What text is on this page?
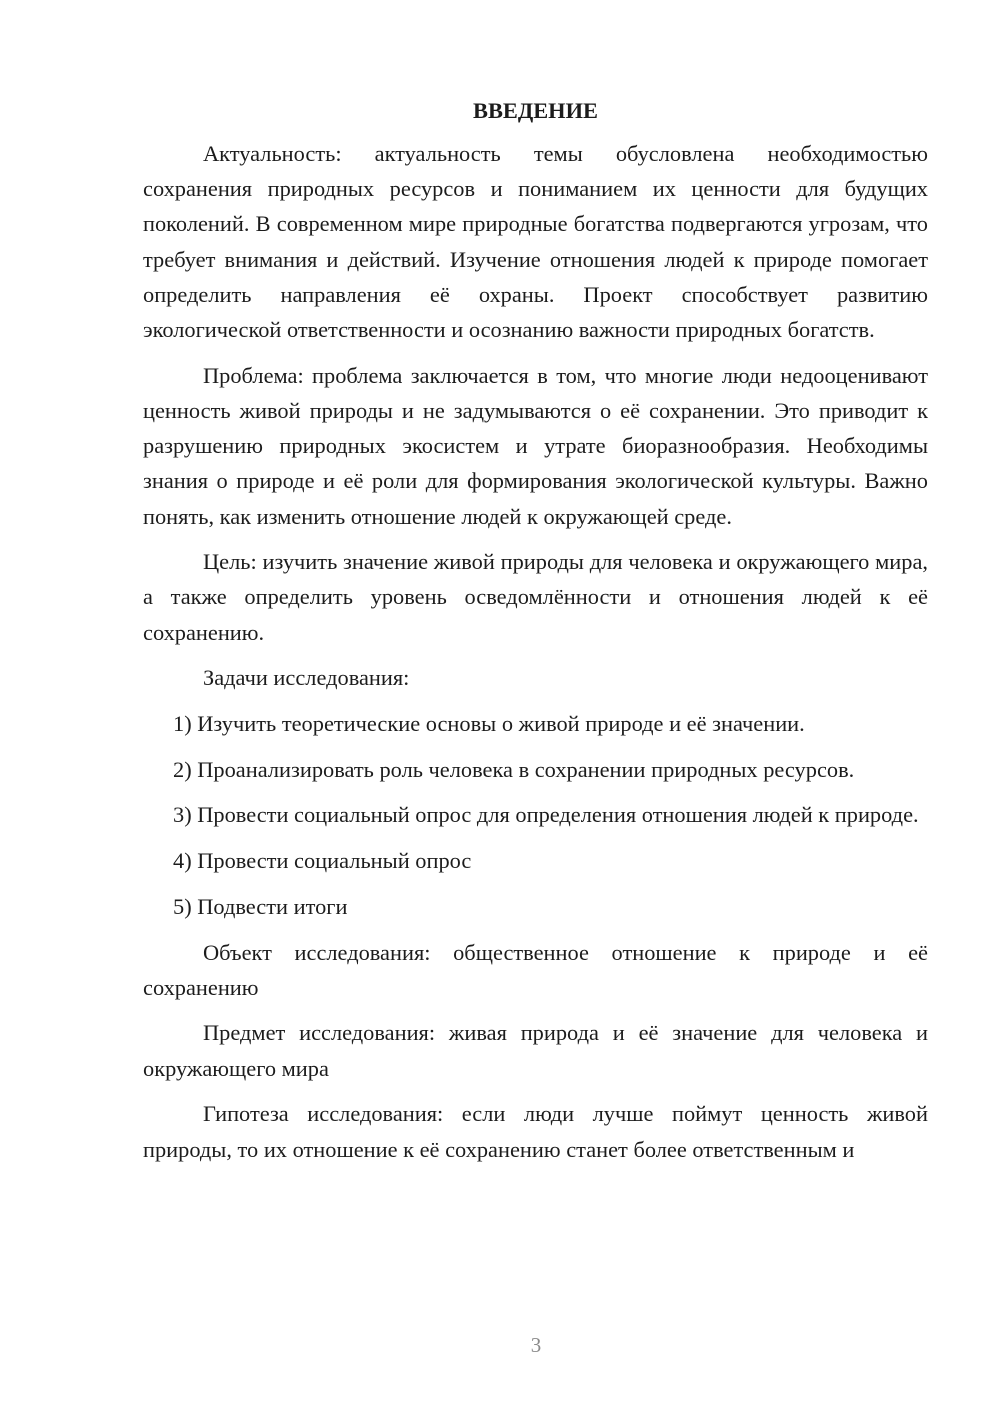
ВВЕДЕНИЕ

Актуальность: актуальность темы обусловлена необходимостью сохранения природных ресурсов и пониманием их ценности для будущих поколений. В современном мире природные богатства подвергаются угрозам, что требует внимания и действий. Изучение отношения людей к природе помогает определить направления её охраны. Проект способствует развитию экологической ответственности и осознанию важности природных богатств.

Проблема: проблема заключается в том, что многие люди недооценивают ценность живой природы и не задумываются о её сохранении. Это приводит к разрушению природных экосистем и утрате биоразнообразия. Необходимы знания о природе и её роли для формирования экологической культуры. Важно понять, как изменить отношение людей к окружающей среде.

Цель: изучить значение живой природы для человека и окружающего мира, а также определить уровень осведомлённости и отношения людей к её сохранению.

Задачи исследования:

1) Изучить теоретические основы о живой природе и её значении.

2) Проанализировать роль человека в сохранении природных ресурсов.

3) Провести социальный опрос для определения отношения людей к природе.

4) Провести социальный опрос

5) Подвести итоги

Объект исследования: общественное отношение к природе и её сохранению

Предмет исследования: живая природа и её значение для человека и окружающего мира

Гипотеза исследования: если люди лучше поймут ценность живой природы, то их отношение к её сохранению станет более ответственным и

3
